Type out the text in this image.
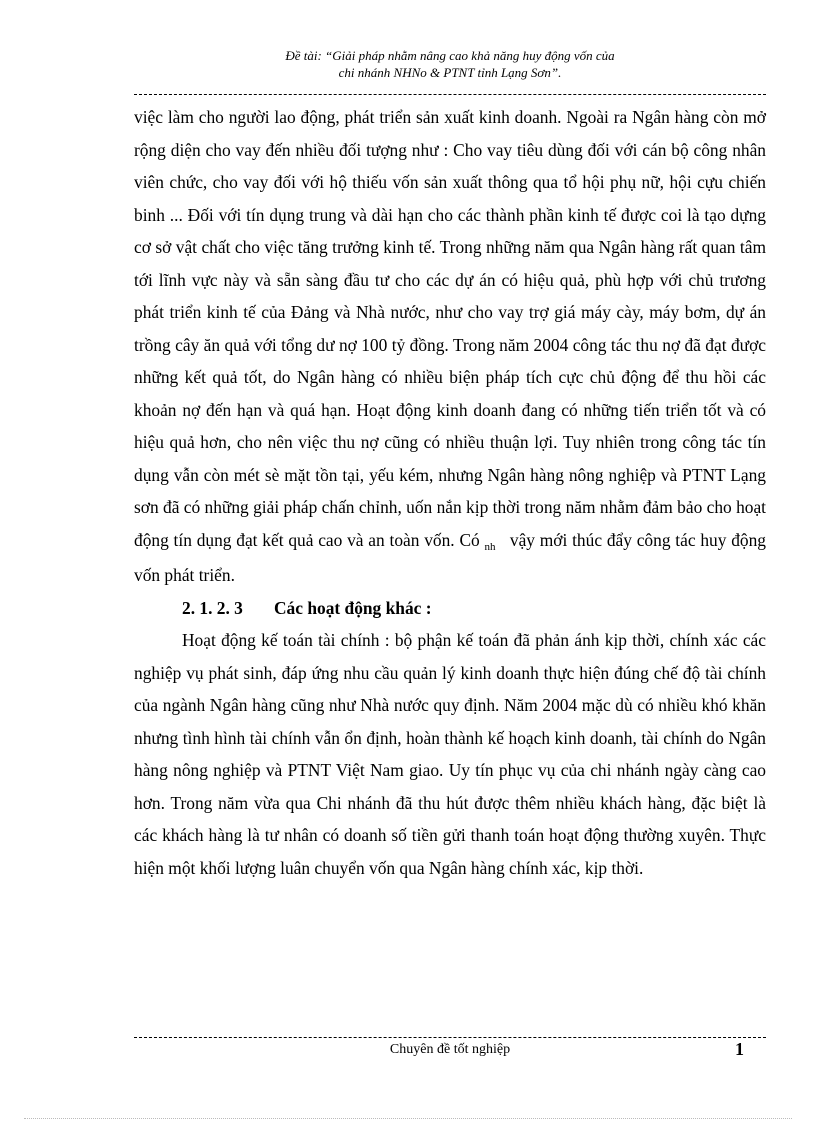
Đề tài: “Giải pháp nhằm nâng cao khả năng huy động vốn của
chi nhánh NHNo & PTNT tỉnh Lạng Sơn”.

việc làm cho người lao động, phát triển sản xuất kinh doanh. Ngoài ra Ngân hàng còn mở rộng diện cho vay đến nhiều đối tượng như : Cho vay tiêu dùng đối với cán bộ công nhân viên chức, cho vay đối với hộ thiếu vốn sản xuất thông qua tổ hội phụ nữ, hội cựu chiến binh ... Đối với tín dụng trung và dài hạn cho các thành phần kinh tế được coi là tạo dựng cơ sở vật chất cho việc tăng trưởng kinh tế. Trong những năm qua Ngân hàng rất quan tâm tới lĩnh vực này và sẵn sàng đầu tư cho các dự án có hiệu quả, phù hợp với chủ trương phát triển kinh tế của Đảng và Nhà nước, như cho vay trợ giá máy cày, máy bơm, dự án trồng cây ăn quả với tổng dư nợ 100 tỷ đồng. Trong năm 2004 công tác thu nợ đã đạt được những kết quả tốt, do Ngân hàng có nhiều biện pháp tích cực chủ động để thu hồi các khoản nợ đến hạn và quá hạn. Hoạt động kinh doanh đang có những tiến triển tốt và có hiệu quả hơn, cho nên việc thu nợ cũng có nhiều thuận lợi. Tuy nhiên trong công tác tín dụng vẫn còn mét sè mặt tồn tại, yếu kém, nhưng Ngân hàng nông nghiệp và PTNT Lạng sơn đã có những giải pháp chấn chỉnh, uốn nắn kịp thời trong năm nhằm đảm bảo cho hoạt động tín dụng đạt kết quả cao và an toàn vốn. Có $_{nh}$ vậy mới thúc đẩy công tác huy động vốn phát triển.

2. 1. 2. 3 Các hoạt động khác :

Hoạt động kế toán tài chính : bộ phận kế toán đã phản ánh kịp thời, chính xác các nghiệp vụ phát sinh, đáp ứng nhu cầu quản lý kinh doanh thực hiện đúng chế độ tài chính của ngành Ngân hàng cũng như Nhà nước quy định. Năm 2004 mặc dù có nhiều khó khăn nhưng tình hình tài chính vẫn ổn định, hoàn thành kế hoạch kinh doanh, tài chính do Ngân hàng nông nghiệp và PTNT Việt Nam giao. Uy tín phục vụ của chi nhánh ngày càng cao hơn. Trong năm vừa qua Chi nhánh đã thu hút được thêm nhiều khách hàng, đặc biệt là các khách hàng là tư nhân có doanh số tiền gửi thanh toán hoạt động thường xuyên. Thực hiện một khối lượng luân chuyển vốn qua Ngân hàng chính xác, kịp thời.

Chuyên đề tốt nghiệp	1
